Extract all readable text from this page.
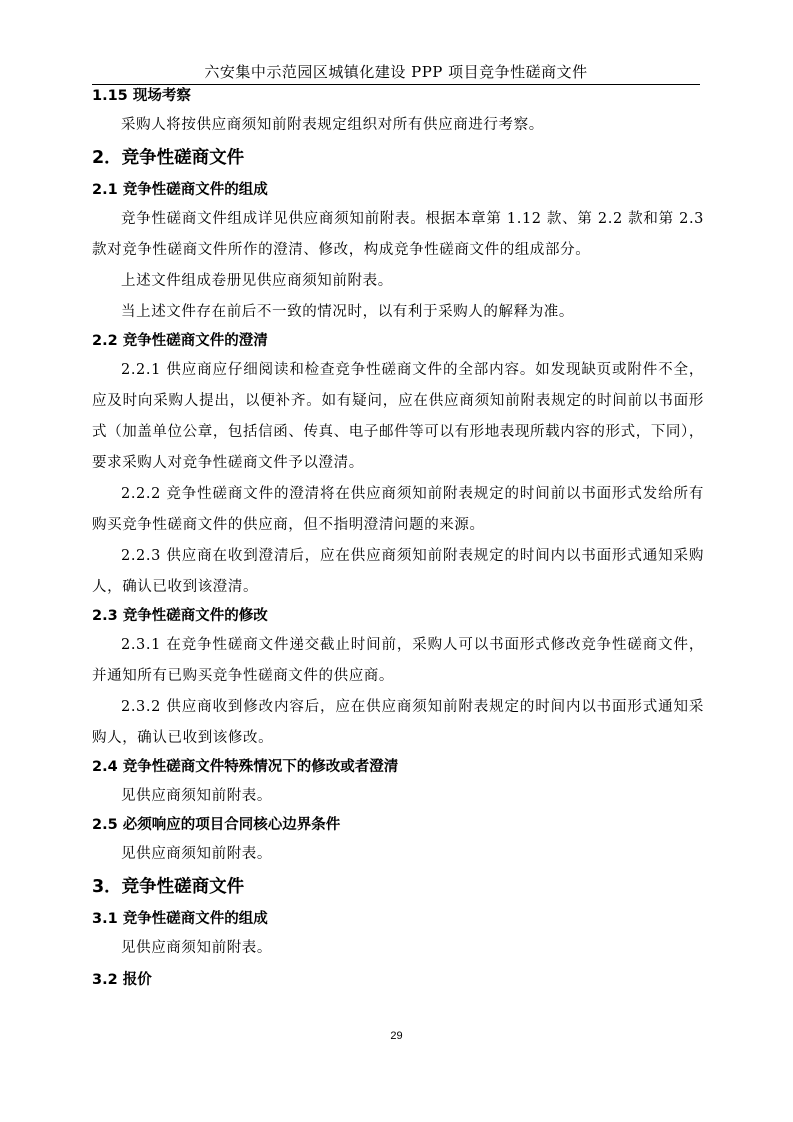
六安集中示范园区城镇化建设 PPP 项目竞争性磋商文件
1.15 现场考察
采购人将按供应商须知前附表规定组织对所有供应商进行考察。
2．竞争性磋商文件
2.1 竞争性磋商文件的组成
竞争性磋商文件组成详见供应商须知前附表。根据本章第 1.12 款、第 2.2 款和第 2.3 款对竞争性磋商文件所作的澄清、修改，构成竞争性磋商文件的组成部分。
上述文件组成卷册见供应商须知前附表。
当上述文件存在前后不一致的情况时，以有利于采购人的解释为准。
2.2 竞争性磋商文件的澄清
2.2.1 供应商应仔细阅读和检查竞争性磋商文件的全部内容。如发现缺页或附件不全，应及时向采购人提出，以便补齐。如有疑问，应在供应商须知前附表规定的时间前以书面形式（加盖单位公章，包括信函、传真、电子邮件等可以有形地表现所载内容的形式，下同），要求采购人对竞争性磋商文件予以澄清。
2.2.2 竞争性磋商文件的澄清将在供应商须知前附表规定的时间前以书面形式发给所有购买竞争性磋商文件的供应商，但不指明澄清问题的来源。
2.2.3 供应商在收到澄清后，应在供应商须知前附表规定的时间内以书面形式通知采购人，确认已收到该澄清。
2.3 竞争性磋商文件的修改
2.3.1 在竞争性磋商文件递交截止时间前，采购人可以书面形式修改竞争性磋商文件，并通知所有已购买竞争性磋商文件的供应商。
2.3.2 供应商收到修改内容后，应在供应商须知前附表规定的时间内以书面形式通知采购人，确认已收到该修改。
2.4 竞争性磋商文件特殊情况下的修改或者澄清
见供应商须知前附表。
2.5 必须响应的项目合同核心边界条件
见供应商须知前附表。
3．竞争性磋商文件
3.1 竞争性磋商文件的组成
见供应商须知前附表。
3.2 报价
29
